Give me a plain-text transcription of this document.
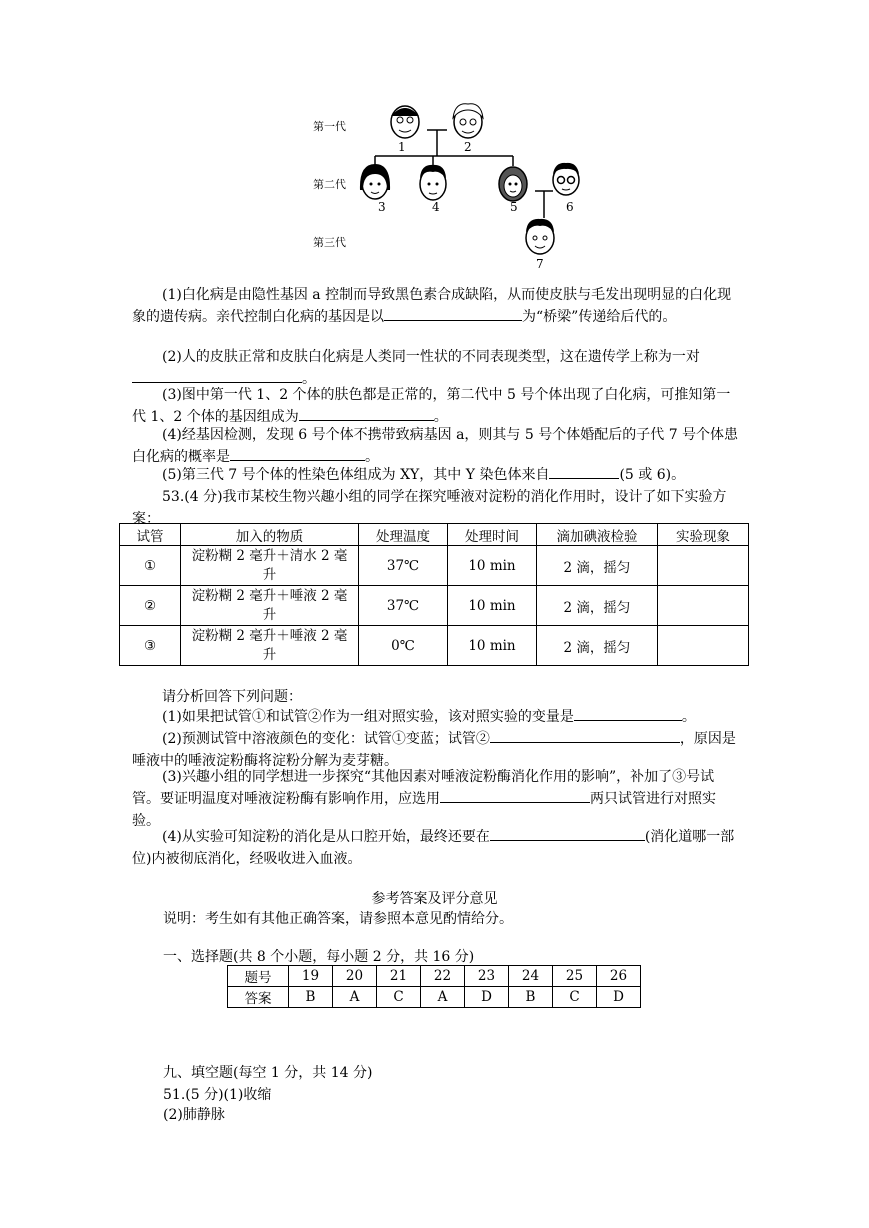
第一代
第二代
第三代
1	2
3	4	5	6
7

(1)白化病是由隐性基因 a 控制而导致黑色素合成缺陷，从而使皮肤与毛发出现明显的白化现象的遗传病。亲代控制白化病的基因是以	为“桥梁”传递给后代的。

(2)人的皮肤正常和皮肤白化病是人类同一性状的不同表现类型，这在遗传学上称为一对。

(3)图中第一代 1、2 个体的肤色都是正常的，第二代中 5 号个体出现了白化病，可推知第一代 1、2 个体的基因组成为	。

(4)经基因检测，发现 6 号个体不携带致病基因 a，则其与 5 号个体婚配后的子代 7 号个体患白化病的概率是	。

(5)第三代 7 号个体的性染色体组成为 XY，其中 Y 染色体来自	(5 或 6)。

53.(4 分)我市某校生物兴趣小组的同学在探究唾液对淀粉的消化作用时，设计了如下实验方案：

试管	加入的物质	处理温度	处理时间	滴加碘液检验	实验现象
①	淀粉糊 2 毫升＋清水 2 毫升	37℃	10 min	2 滴，摇匀	
②	淀粉糊 2 毫升＋唾液 2 毫升	37℃	10 min	2 滴，摇匀	
③	淀粉糊 2 毫升＋唾液 2 毫升	0℃	10 min	2 滴，摇匀	

请分析回答下列问题：

(1)如果把试管①和试管②作为一组对照实验，该对照实验的变量是	。

(2)预测试管中溶液颜色的变化：试管①变蓝；试管②	，原因是唾液中的唾液淀粉酶将淀粉分解为麦芽糖。

(3)兴趣小组的同学想进一步探究“其他因素对唾液淀粉酶消化作用的影响”，补加了③号试管。要证明温度对唾液淀粉酶有影响作用，应选用	两只试管进行对照实验。

(4)从实验可知淀粉的消化是从口腔开始，最终还要在	(消化道哪一部位)内被彻底消化，经吸收进入血液。

参考答案及评分意见
说明：考生如有其他正确答案，请参照本意见酌情给分。
一、选择题(共 8 个小题，每小题 2 分，共 16 分)
题号	19	20	21	22	23	24	25	26
答案	B	A	C	A	D	B	C	D
九、填空题(每空 1 分，共 14 分)
51.(5 分)(1)收缩
(2)肺静脉
